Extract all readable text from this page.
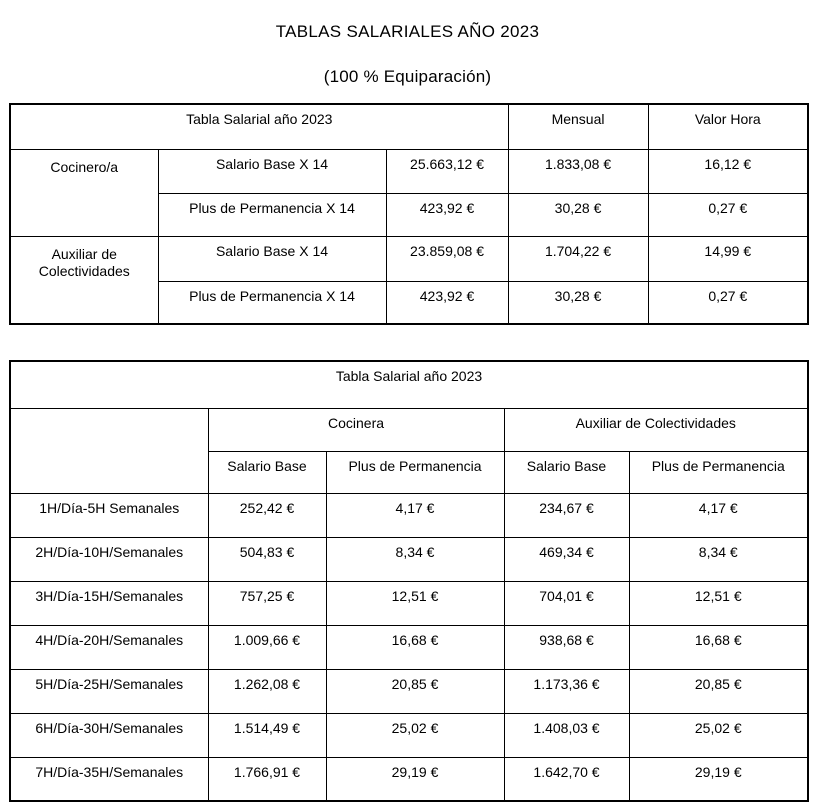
TABLAS SALARIALES AÑO 2023
(100 % Equiparación)
Tabla Salarial año 2023			Mensual	Valor Hora
Cocinero/a	Salario Base X 14	25.663,12 €	1.833,08 €	16,12 €
	Plus de Permanencia X 14	423,92 €	30,28 €	0,27 €
Auxiliar de Colectividades	Salario Base X 14	23.859,08 €	1.704,22 €	14,99 €
	Plus de Permanencia X 14	423,92 €	30,28 €	0,27 €
Tabla Salarial año 2023				
	Cocinera		Auxiliar de Colectividades	
	Salario Base	Plus de Permanencia	Salario Base	Plus de Permanencia
1H/Día-5H Semanales	252,42 €	4,17 €	234,67 €	4,17 €
2H/Día-10H/Semanales	504,83 €	8,34 €	469,34 €	8,34 €
3H/Día-15H/Semanales	757,25 €	12,51 €	704,01 €	12,51 €
4H/Día-20H/Semanales	1.009,66 €	16,68 €	938,68 €	16,68 €
5H/Día-25H/Semanales	1.262,08 €	20,85 €	1.173,36 €	20,85 €
6H/Día-30H/Semanales	1.514,49 €	25,02 €	1.408,03 €	25,02 €
7H/Día-35H/Semanales	1.766,91 €	29,19 €	1.642,70 €	29,19 €
